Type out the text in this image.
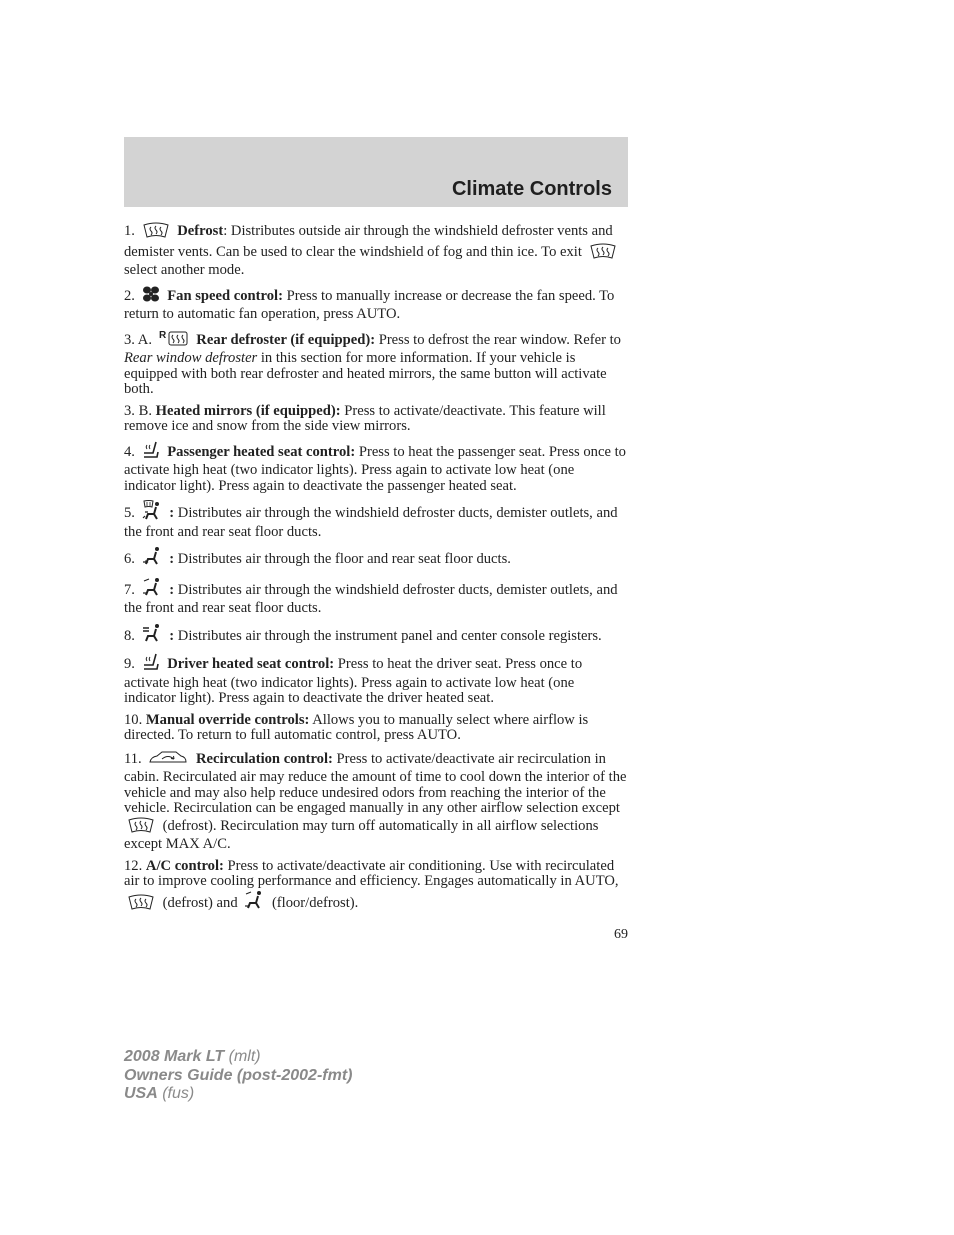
Climate Controls

1.	Defrost: Distributes outside air through the windshield defroster vents and demister vents. Can be used to clear the windshield of fog and thin ice. To exit  select another mode.

2. Fan speed control: Press to manually increase or decrease the fan speed. To return to automatic fan operation, press AUTO.

3. A. R Rear defroster (if equipped): Press to defrost the rear window. Refer to Rear window defroster in this section for more information. If your vehicle is equipped with both rear defroster and heated mirrors, the same button will activate both.

3. B. Heated mirrors (if equipped): Press to activate/deactivate. This feature will remove ice and snow from the side view mirrors.

4. Passenger heated seat control: Press to heat the passenger seat. Press once to activate high heat (two indicator lights). Press again to activate low heat (one indicator light). Press again to deactivate the passenger heated seat.

5. : Distributes air through the windshield defroster ducts, demister outlets, and the front and rear seat floor ducts.

6. : Distributes air through the floor and rear seat floor ducts.

7. : Distributes air through the windshield defroster ducts, demister outlets, and the front and rear seat floor ducts.

8. : Distributes air through the instrument panel and center console registers.

9. Driver heated seat control: Press to heat the driver seat. Press once to activate high heat (two indicator lights). Press again to activate low heat (one indicator light). Press again to deactivate the driver heated seat.

10. Manual override controls: Allows you to manually select where airflow is directed. To return to full automatic control, press AUTO.

11.	Recirculation control: Press to activate/deactivate air recirculation in cabin. Recirculated air may reduce the amount of time to cool down the interior of the vehicle and may also help reduce undesired odors from reaching the interior of the vehicle. Recirculation can be engaged manually in any other airflow selection except  (defrost). Recirculation may turn off automatically in all airflow selections except MAX A/C.

12. A/C control: Press to activate/deactivate air conditioning. Use with recirculated air to improve cooling performance and efficiency. Engages automatically in AUTO,  (defrost) and (floor/defrost).

69
2008 Mark LT (mlt)
Owners Guide (post-2002-fmt)
USA (fus)
